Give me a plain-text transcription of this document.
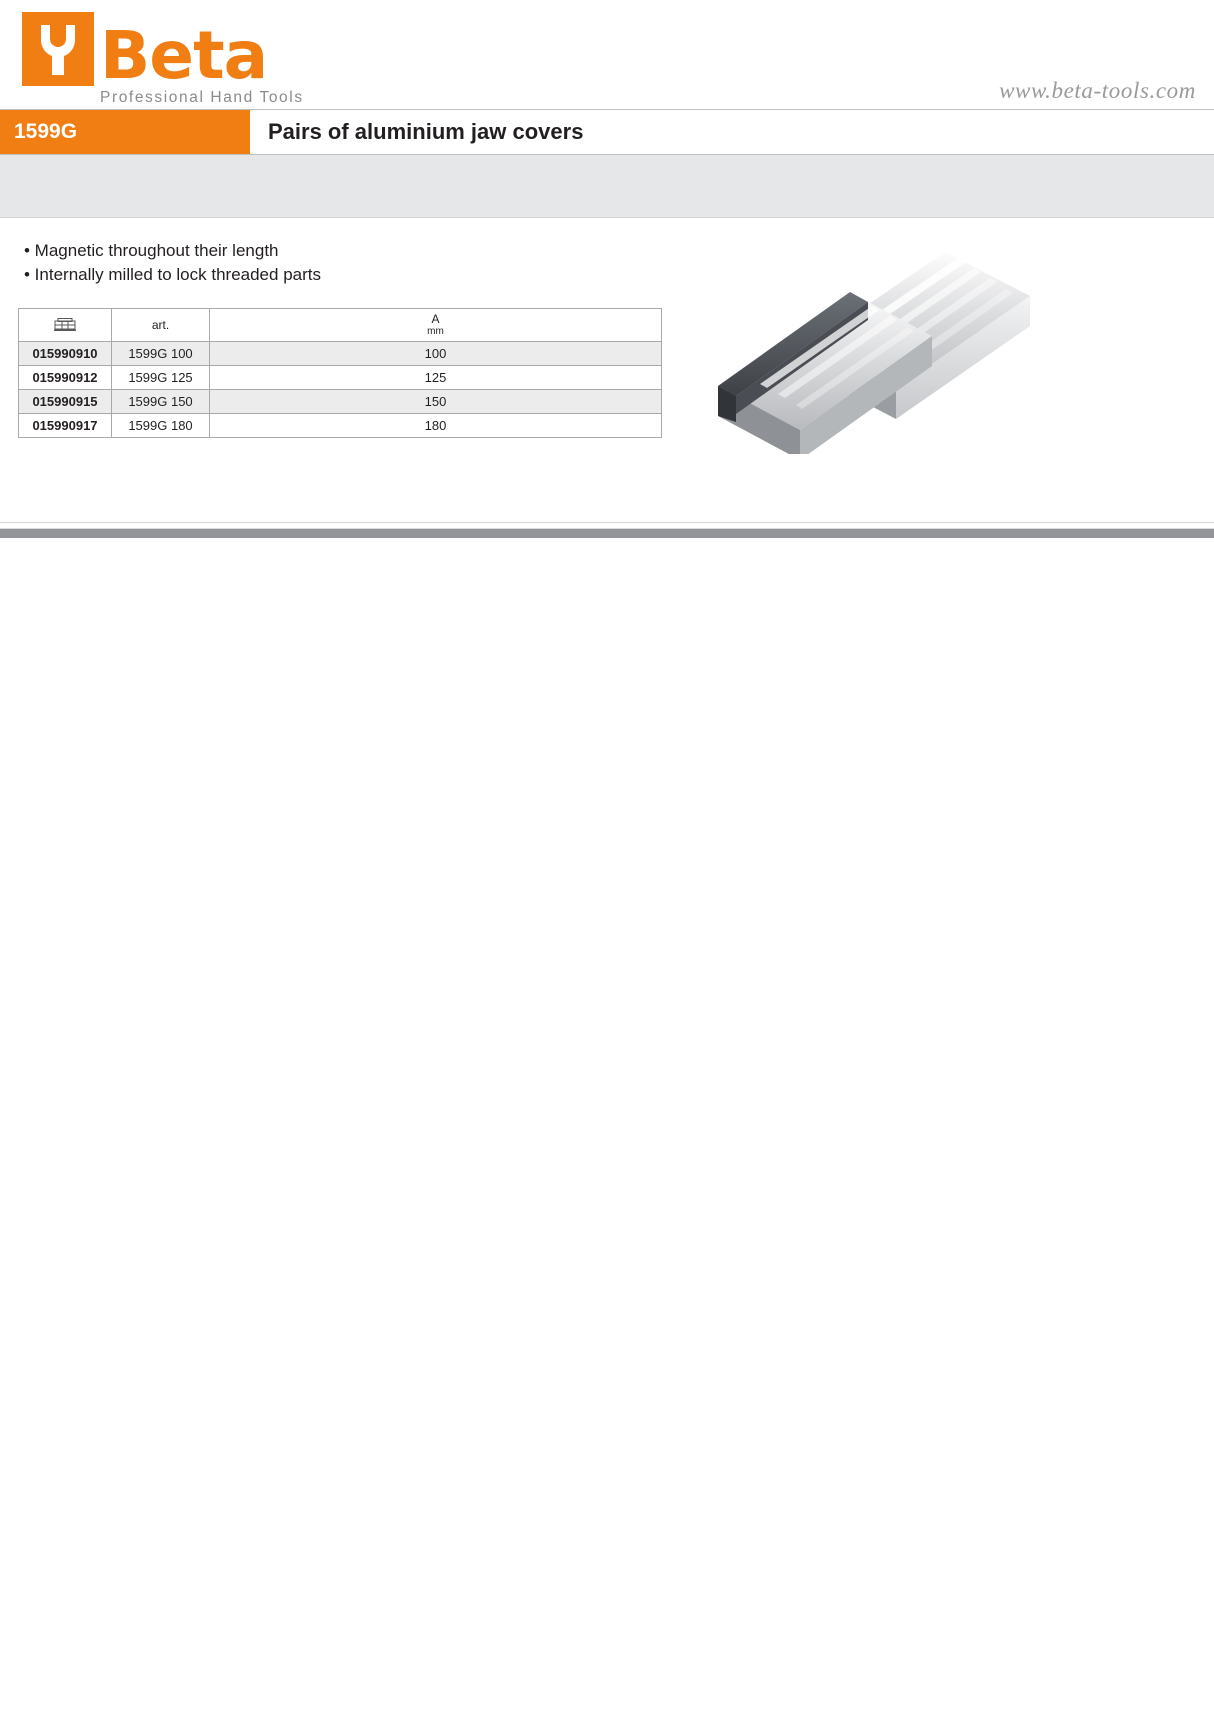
Beta
Professional Hand Tools	www.beta-tools.com
1599G	Pairs of aluminium jaw covers
• Magnetic throughout their length
• Internally milled to lock threaded parts
	art.	A
mm

015990910	1599G 100	100
015990912	1599G 125	125
015990915	1599G 150	150
015990917	1599G 180	180
